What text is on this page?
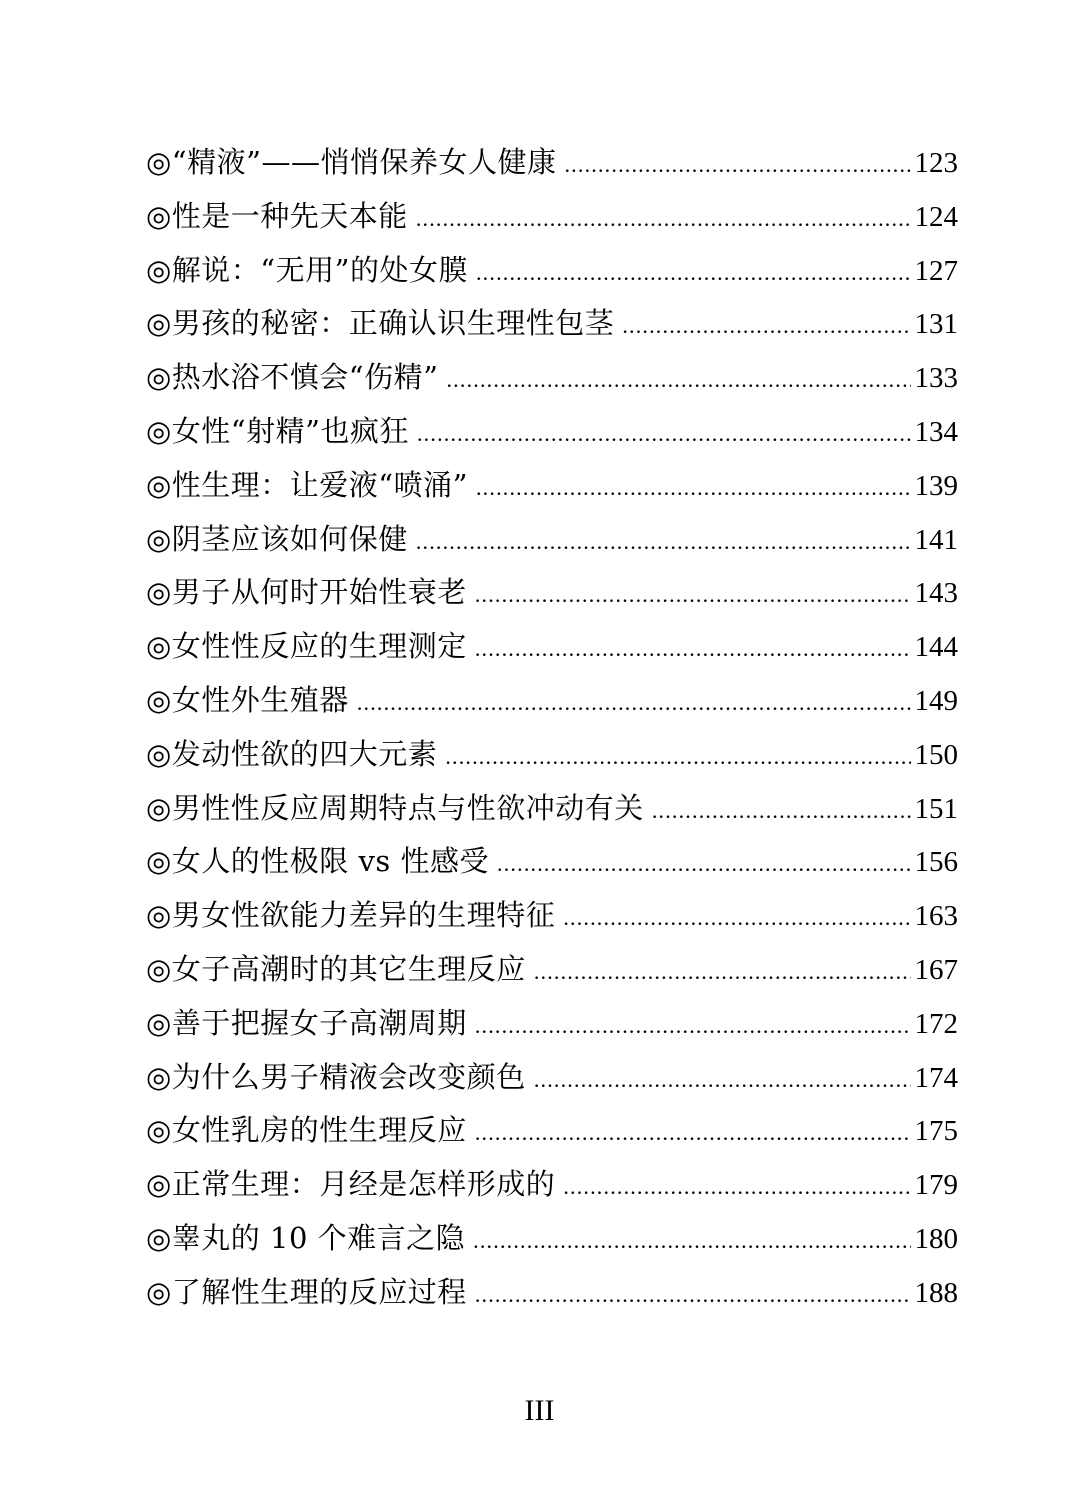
◎“精液”——悄悄保养女人健康 .....	123
◎性是一种先天本能 .....	124
◎解说：“无用”的处女膜 .....	127
◎男孩的秘密：正确认识生理性包茎 .....	131
◎热水浴不慎会“伤精” .....	133
◎女性“射精”也疯狂 .....	134
◎性生理：让爱液“喷涌” .....	139
◎阴茎应该如何保健 .....	141
◎男子从何时开始性衰老 .....	143
◎女性性反应的生理测定 .....	144
◎女性外生殖器 .....	149
◎发动性欲的四大元素 .....	150
◎男性性反应周期特点与性欲冲动有关 .....	151
◎女人的性极限 vs 性感受 .....	156
◎男女性欲能力差异的生理特征 .....	163
◎女子高潮时的其它生理反应 .....	167
◎善于把握女子高潮周期 .....	172
◎为什么男子精液会改变颜色 .....	174
◎女性乳房的性生理反应 .....	175
◎正常生理：月经是怎样形成的 .....	179
◎睾丸的 10 个难言之隐 .....	180
◎了解性生理的反应过程 .....	188
III
